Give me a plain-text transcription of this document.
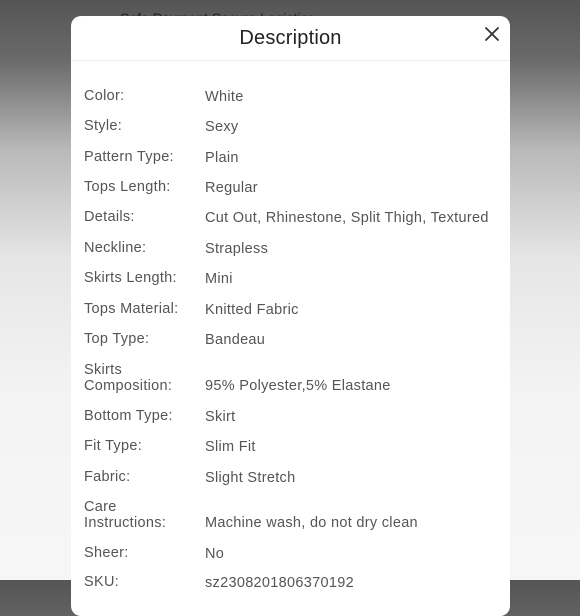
Description
Color:	White
Style:	Sexy
Pattern Type:	Plain
Tops Length:	Regular
Details:	Cut Out, Rhinestone, Split Thigh, Textured
Neckline:	Strapless
Skirts Length:	Mini
Tops Material:	Knitted Fabric
Top Type:	Bandeau
Skirts
Composition:	95% Polyester,5% Elastane
Bottom Type:	Skirt
Fit Type:	Slim Fit
Fabric:	Slight Stretch
Care
Instructions:	Machine wash, do not dry clean
Sheer:	No
SKU:	sz2308201806370192
